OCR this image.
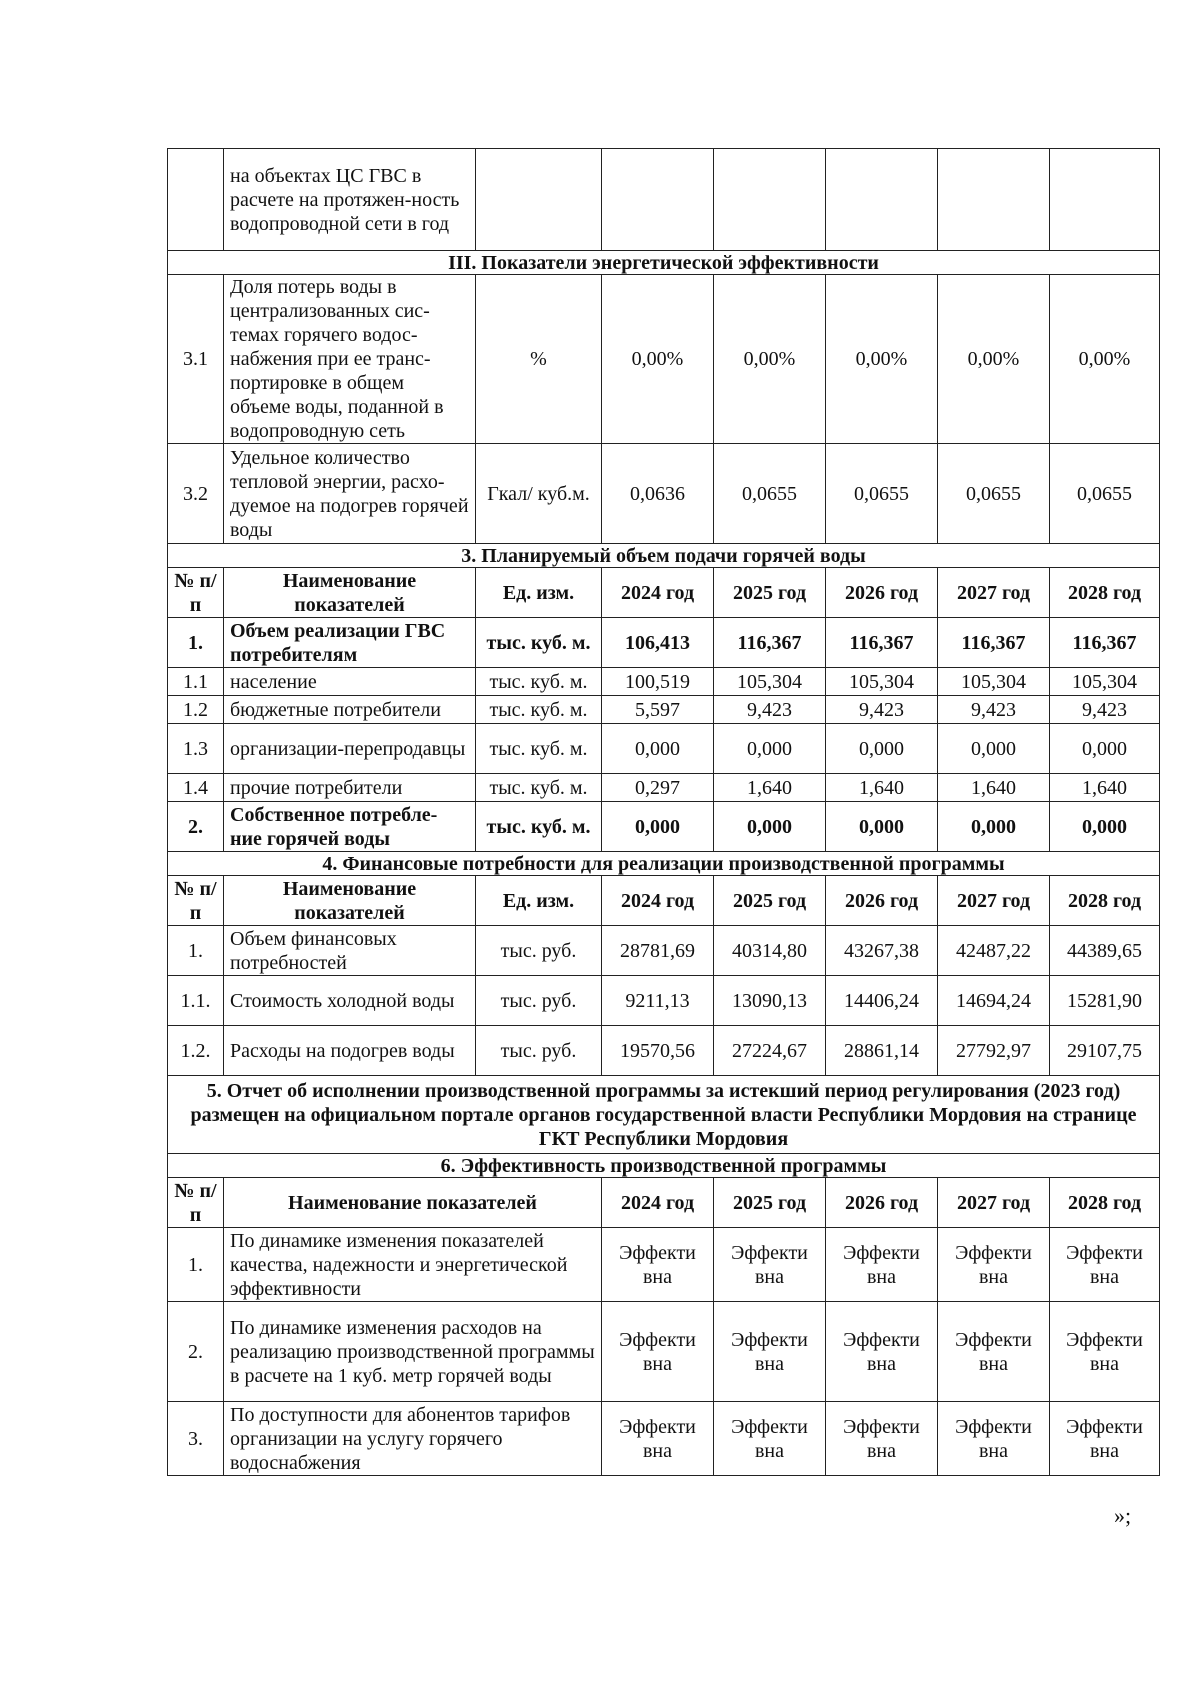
	на объектах ЦС ГВС в расчете на протяжен-ность водопроводной сети в год						
III. Показатели энергетической эффективности							
3.1	Доля потерь воды в централизованных сис-темах горячего водос-набжения при ее транс-портировке в общем объеме воды, поданной в водопроводную сеть	%	0,00%	0,00%	0,00%	0,00%	0,00%
3.2	Удельное количество тепловой энергии, расхо-дуемое на подогрев горячей воды	Гкал/ куб.м.	0,0636	0,0655	0,0655	0,0655	0,0655
3. Планируемый объем подачи горячей воды							
№ п/п	Наименование показателей	Ед. изм.	2024 год	2025 год	2026 год	2027 год	2028 год
1.	Объем реализации ГВС потребителям	тыс. куб. м.	106,413	116,367	116,367	116,367	116,367
1.1	население	тыс. куб. м.	100,519	105,304	105,304	105,304	105,304
1.2	бюджетные потребители	тыс. куб. м.	5,597	9,423	9,423	9,423	9,423
1.3	организации-перепродавцы	тыс. куб. м.	0,000	0,000	0,000	0,000	0,000
1.4	прочие потребители	тыс. куб. м.	0,297	1,640	1,640	1,640	1,640
2.	Собственное потребле-ние горячей воды	тыс. куб. м.	0,000	0,000	0,000	0,000	0,000
4. Финансовые потребности для реализации производственной программы							
№ п/п	Наименование показателей	Ед. изм.	2024 год	2025 год	2026 год	2027 год	2028 год
1.	Объем финансовых потребностей	тыс. руб.	28781,69	40314,80	43267,38	42487,22	44389,65
1.1.	Стоимость холодной воды	тыс. руб.	9211,13	13090,13	14406,24	14694,24	15281,90
1.2.	Расходы на подогрев воды	тыс. руб.	19570,56	27224,67	28861,14	27792,97	29107,75
5. Отчет об исполнении производственной программы за истекший период регулирования (2023 год) размещен на официальном портале органов государственной власти Республики Мордовия на странице ГКТ Республики Мордовия							
6. Эффективность производственной программы							
№ п/п	Наименование показателей		2024 год	2025 год	2026 год	2027 год	2028 год
1.	По динамике изменения показателей качества, надежности и энергетической эффективности		Эффекти вна	Эффекти вна	Эффекти вна	Эффекти вна	Эффекти вна
2.	По динамике изменения расходов на реализацию производственной программы в расчете на 1 куб. метр горячей воды		Эффекти вна	Эффекти вна	Эффекти вна	Эффекти вна	Эффекти вна
3.	По доступности для абонентов тарифов организации на услугу горячего водоснабжения		Эффекти вна	Эффекти вна	Эффекти вна	Эффекти вна	Эффекти вна
»;
